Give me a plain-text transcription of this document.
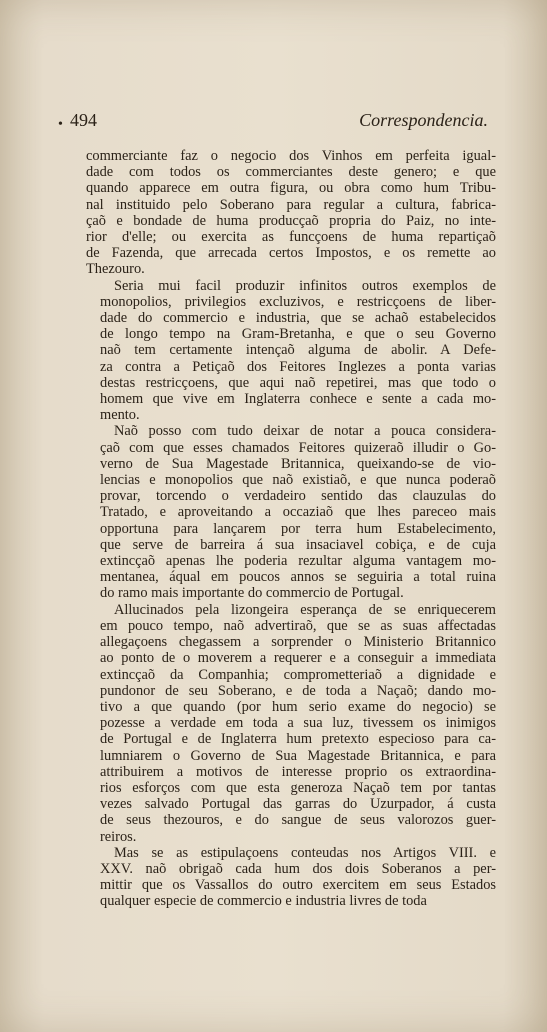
• 494	Correspondencia.

commerciante faz o negocio dos Vinhos em perfeita igual-
dade com todos os commerciantes deste genero; e que
quando apparece em outra figura, ou obra como hum Tribu-
nal instituido pelo Soberano para regular a cultura, fabrica-
çaõ e bondade de huma producçaõ propria do Paiz, no inte-
rior d'elle; ou exercita as funcçoens de huma repartiçaõ
de Fazenda, que arrecada certos Impostos, e os remette ao
Thezouro.

Seria mui facil produzir infinitos outros exemplos de
monopolios, privilegios excluzivos, e restricçoens de liber-
dade do commercio e industria, que se achaõ estabelecidos
de longo tempo na Gram-Bretanha, e que o seu Governo
naõ tem certamente intençaõ alguma de abolir. A Defe-
za contra a Petiçaõ dos Feitores Inglezes a ponta varias
destas restricçoens, que aqui naõ repetirei, mas que todo o
homem que vive em Inglaterra conhece e sente a cada mo-
mento.

Naõ posso com tudo deixar de notar a pouca considera-
çaõ com que esses chamados Feitores quizeraõ illudir o Go-
verno de Sua Magestade Britannica, queixando-se de vio-
lencias e monopolios que naõ existiaõ, e que nunca poderaõ
provar, torcendo o verdadeiro sentido das clauzulas do
Tratado, e aproveitando a occaziaõ que lhes pareceo mais
opportuna para lançarem por terra hum Estabelecimento,
que serve de barreira á sua insaciavel cobiça, e de cuja
extincçaõ apenas lhe poderia rezultar alguma vantagem mo-
mentanea, áqual em poucos annos se seguiria a total ruina
do ramo mais importante do commercio de Portugal.

Allucinados pela lizongeira esperança de se enriquecerem
em pouco tempo, naõ advertiraõ, que se as suas affectadas
allegaçoens chegassem a sorprender o Ministerio Britannico
ao ponto de o moverem a requerer e a conseguir a immediata
extincçaõ da Companhia; comprometteriaõ a dignidade e
pundonor de seu Soberano, e de toda a Naçaõ; dando mo-
tivo a que quando (por hum serio exame do negocio) se
pozesse a verdade em toda a sua luz, tivessem os inimigos
de Portugal e de Inglaterra hum pretexto especioso para ca-
lumniarem o Governo de Sua Magestade Britannica, e para
attribuirem a motivos de interesse proprio os extraordina-
rios esforços com que esta generoza Naçaõ tem por tantas
vezes salvado Portugal das garras do Uzurpador, á custa
de seus thezouros, e do sangue de seus valorozos guer-
reiros.

Mas se as estipulaçoens conteudas nos Artigos VIII. e
XXV. naõ obrigaõ cada hum dos dois Soberanos a per-
mittir que os Vassallos do outro exercitem em seus Estados
qualquer especie de commercio e industria livres de toda
